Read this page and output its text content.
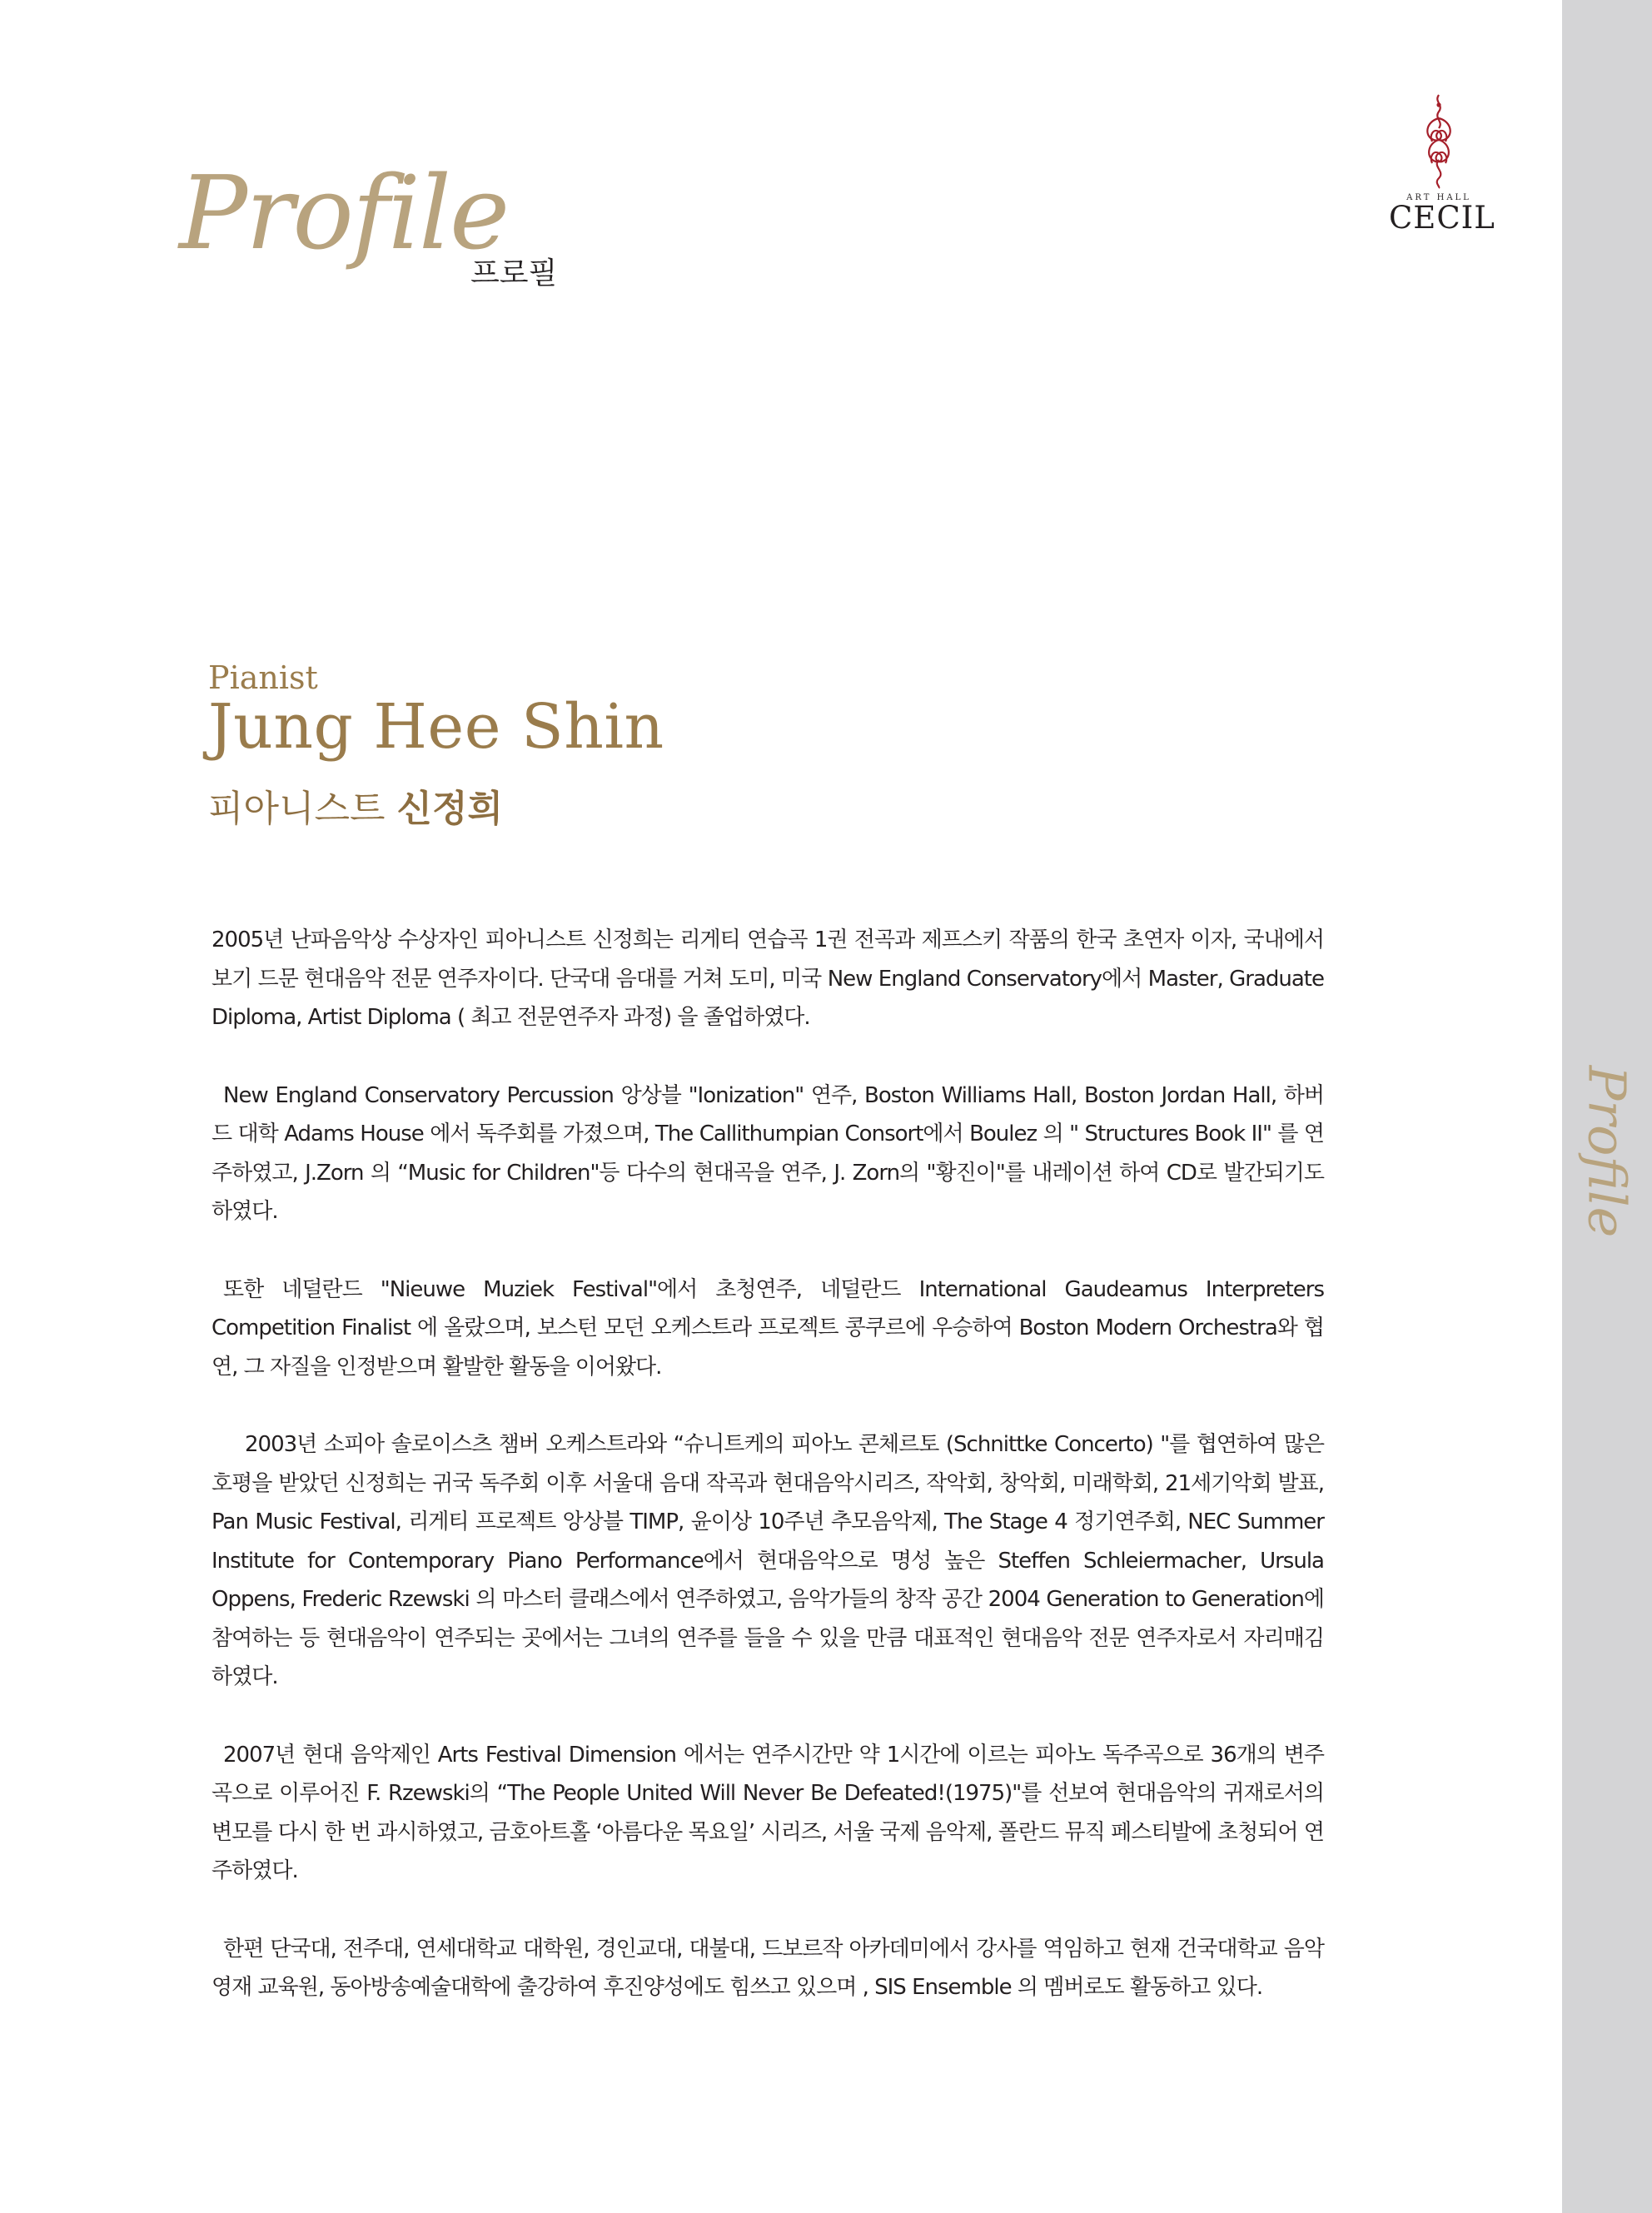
Profile
ART HALL
CECIL
Profile
프로필
Pianist
Jung Hee Shin
피아니스트 신정희

2005년 난파음악상 수상자인 피아니스트 신정희는 리게티 연습곡 1권 전곡과 제프스키 작품의 한국 초연자 이자, 국내에서 보기 드문 현대음악 전문 연주자이다. 단국대 음대를 거쳐 도미, 미국 New England Conservatory에서 Master, Graduate Diploma, Artist Diploma ( 최고 전문연주자 과정) 을 졸업하였다.

New England Conservatory Percussion 앙상블 "Ionization" 연주, Boston Williams Hall, Boston Jordan Hall, 하버드 대학 Adams House 에서 독주회를 가졌으며, The Callithumpian Consort에서 Boulez 의 " Structures Book II" 를 연주하였고, J.Zorn 의 “Music for Children"등 다수의 현대곡을 연주, J. Zorn의 "황진이"를 내레이션 하여 CD로 발간되기도 하였다.

또한 네덜란드 "Nieuwe Muziek Festival"에서 초청연주, 네덜란드 International Gaudeamus Interpreters Competition Finalist 에 올랐으며, 보스턴 모던 오케스트라 프로젝트 콩쿠르에 우승하여 Boston Modern Orchestra와 협연, 그 자질을 인정받으며 활발한 활동을 이어왔다.

2003년 소피아 솔로이스츠 챔버 오케스트라와 “슈니트케의 피아노 콘체르토 (Schnittke Concerto) "를 협연하여 많은 호평을 받았던 신정희는 귀국 독주회 이후 서울대 음대 작곡과 현대음악시리즈, 작악회, 창악회, 미래학회, 21세기악회 발표, Pan Music Festival, 리게티 프로젝트 앙상블 TIMP, 윤이상 10주년 추모음악제, The Stage 4 정기연주회, NEC Summer Institute for Contemporary Piano Performance에서 현대음악으로 명성 높은 Steffen Schleiermacher, Ursula Oppens, Frederic Rzewski 의 마스터 클래스에서 연주하였고, 음악가들의 창작 공간 2004 Generation to Generation에 참여하는 등 현대음악이 연주되는 곳에서는 그녀의 연주를 들을 수 있을 만큼 대표적인 현대음악 전문 연주자로서 자리매김하였다.

2007년 현대 음악제인 Arts Festival Dimension 에서는 연주시간만 약 1시간에 이르는 피아노 독주곡으로 36개의 변주곡으로 이루어진 F. Rzewski의 “The People United Will Never Be Defeated!(1975)"를 선보여 현대음악의 귀재로서의 변모를 다시 한 번 과시하였고, 금호아트홀 ‘아름다운 목요일’ 시리즈, 서울 국제 음악제, 폴란드 뮤직 페스티발에 초청되어 연주하였다.

한편 단국대, 전주대, 연세대학교 대학원, 경인교대, 대불대, 드보르작 아카데미에서 강사를 역임하고 현재 건국대학교 음악영재 교육원, 동아방송예술대학에 출강하여 후진양성에도 힘쓰고 있으며 , SIS Ensemble 의 멤버로도 활동하고 있다.
